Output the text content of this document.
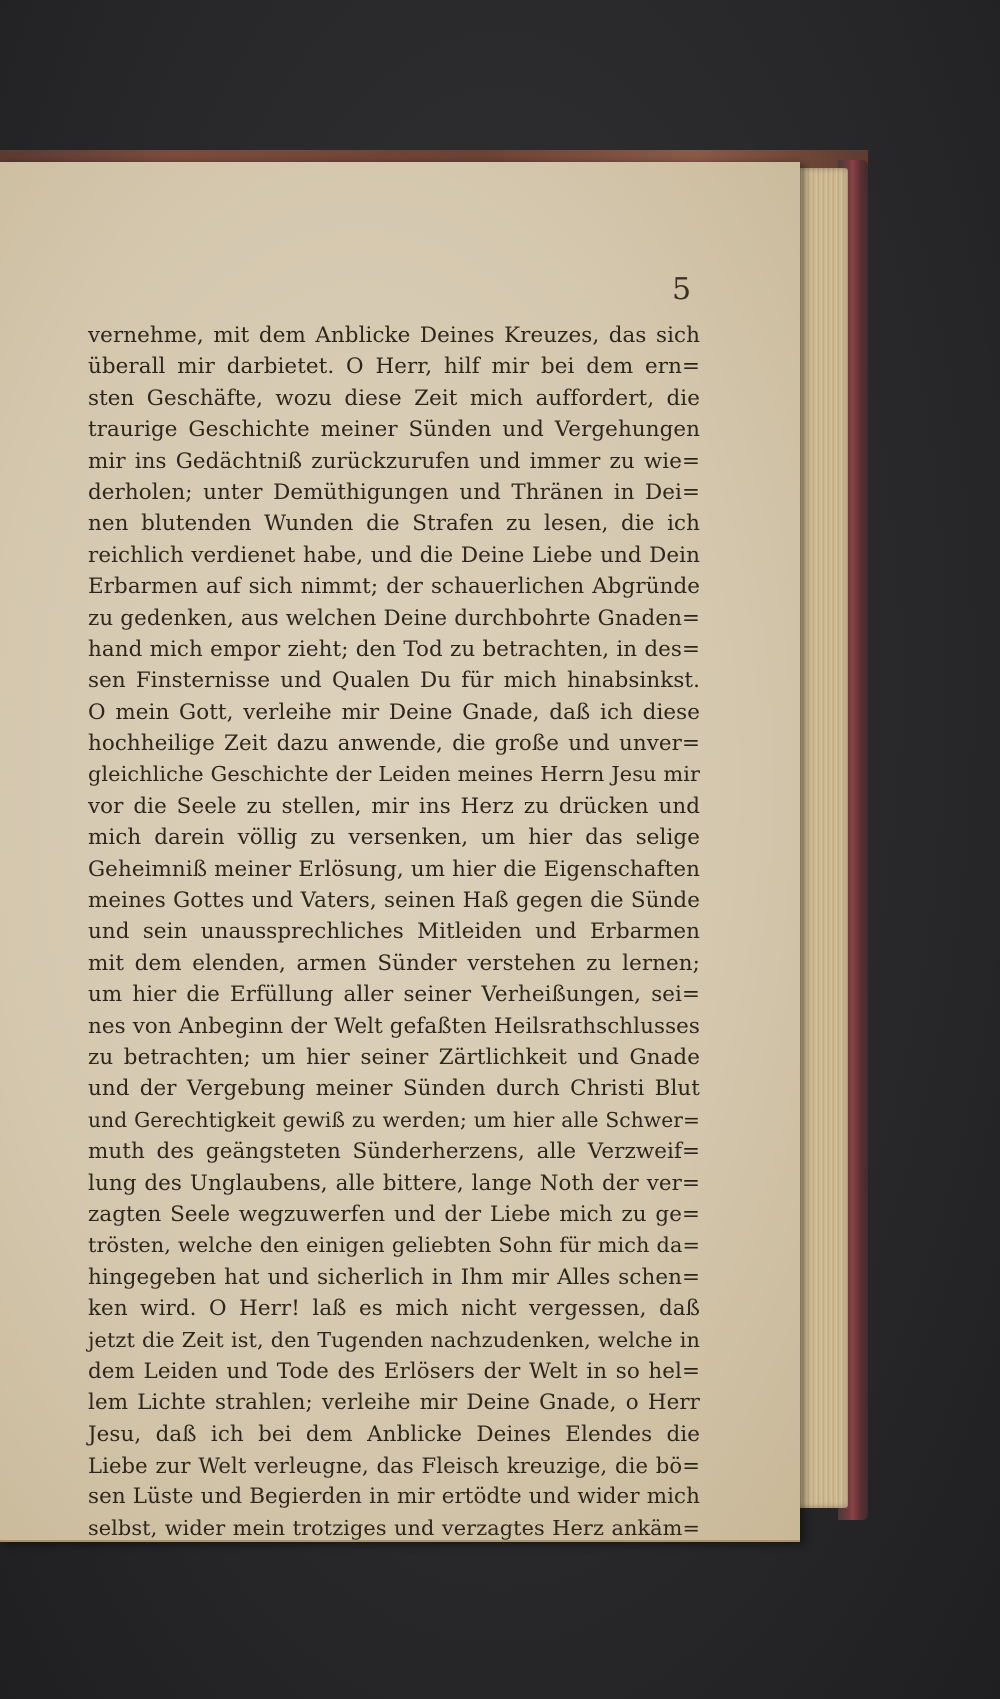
5
vernehme, mit dem Anblicke Deines Kreuzes, das sich
überall mir darbietet. O Herr, hilf mir bei dem ern=
sten Geschäfte, wozu diese Zeit mich auffordert, die
traurige Geschichte meiner Sünden und Vergehungen
mir ins Gedächtniß zurückzurufen und immer zu wie=
derholen; unter Demüthigungen und Thränen in Dei=
nen blutenden Wunden die Strafen zu lesen, die ich
reichlich verdienet habe, und die Deine Liebe und Dein
Erbarmen auf sich nimmt; der schauerlichen Abgründe
zu gedenken, aus welchen Deine durchbohrte Gnaden=
hand mich empor zieht; den Tod zu betrachten, in des=
sen Finsternisse und Qualen Du für mich hinabsinkst.
O mein Gott, verleihe mir Deine Gnade, daß ich diese
hochheilige Zeit dazu anwende, die große und unver=
gleichliche Geschichte der Leiden meines Herrn Jesu mir
vor die Seele zu stellen, mir ins Herz zu drücken und
mich darein völlig zu versenken, um hier das selige
Geheimniß meiner Erlösung, um hier die Eigenschaften
meines Gottes und Vaters, seinen Haß gegen die Sünde
und sein unaussprechliches Mitleiden und Erbarmen
mit dem elenden, armen Sünder verstehen zu lernen;
um hier die Erfüllung aller seiner Verheißungen, sei=
nes von Anbeginn der Welt gefaßten Heilsrathschlusses
zu betrachten; um hier seiner Zärtlichkeit und Gnade
und der Vergebung meiner Sünden durch Christi Blut
und Gerechtigkeit gewiß zu werden; um hier alle Schwer=
muth des geängsteten Sünderherzens, alle Verzweif=
lung des Unglaubens, alle bittere, lange Noth der ver=
zagten Seele wegzuwerfen und der Liebe mich zu ge=
trösten, welche den einigen geliebten Sohn für mich da=
hingegeben hat und sicherlich in Ihm mir Alles schen=
ken wird. O Herr! laß es mich nicht vergessen, daß
jetzt die Zeit ist, den Tugenden nachzudenken, welche in
dem Leiden und Tode des Erlösers der Welt in so hel=
lem Lichte strahlen; verleihe mir Deine Gnade, o Herr
Jesu, daß ich bei dem Anblicke Deines Elendes die
Liebe zur Welt verleugne, das Fleisch kreuzige, die bö=
sen Lüste und Begierden in mir ertödte und wider mich
selbst, wider mein trotziges und verzagtes Herz ankäm=
